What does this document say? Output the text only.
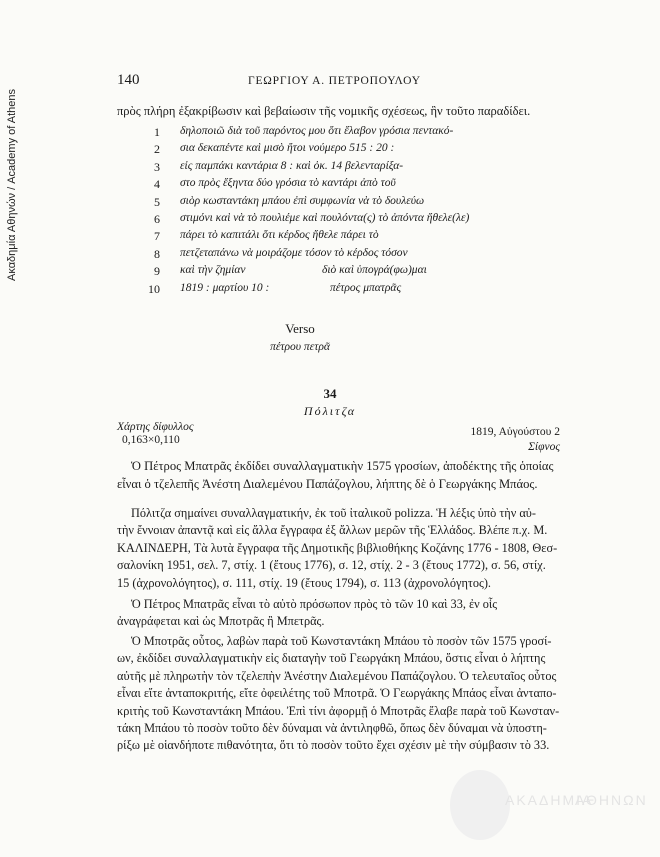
Ακαδημία Αθηνών / Academy of Athens
140	ΓΕΩΡΓΙΟΥ Α. ΠΕΤΡΟΠΟΥΛΟΥ
πρὸς πλήρη ἐξακρίβωσιν καὶ βεβαίωσιν τῆς νομικῆς σχέσεως, ἣν τοῦτο παραδίδει.
1 δηλοποιῶ διὰ τοῦ παρόντος μου ὅτι ἔλαβον γρόσια πεντακό-
2 σια δεκαπέντε καὶ μισὸ ἤτοι νούμερο 515 : 20 :
3 εἰς παμπάκι καντάρια 8 : καὶ ὀκ. 14 βελενταρίξα-
4 στο πρὸς ἔξηντα δύο γρόσια τὸ καντάρι ἀπὸ τοῦ
5 σιὸρ κωσταντάκη μπάου ἐπὶ συμφωνία νὰ τὸ δουλεύω
6 στιμόνι καὶ νὰ τὸ πουλιέμε καὶ πουλόντα(ς) τὸ ἀπόντα ἤθελε(λε)
7 πάρει τὸ καπιτάλι ὅτι κέρδος ἤθελε πάρει τὸ
8 πετζεταπάνω νὰ μοιράζομε τόσον τὸ κέρδος τόσον
9 καὶ τὴν ζημίαν	διὸ καὶ ὑπογρά(φω)μαι
10 1819 : μαρτίου 10 :	πέτρος μπατρᾶς
Verso
πέτρου πετρᾶ
34
Πόλιτζα
Χάρτης δίφυλλος
0,163×0,110
1819, Αὐγούστου 2
Σίφνος
Ὁ Πέτρος Μπατρᾶς ἐκδίδει συναλλαγματικὴν 1575 γροσίων, ἀποδέκτης τῆς ὁποίας
εἶναι ὁ τζελεπῆς Ἀνέστη Διαλεμένου Παπάζογλου, λήπτης δὲ ὁ Γεωργάκης Μπάος.
Πόλιτζα σημαίνει συναλλαγματικήν, ἐκ τοῦ ἰταλικοῦ polizza. Ἡ λέξις ὑπὸ τὴν αὐ-
τὴν ἔννοιαν ἀπαντᾷ καὶ εἰς ἄλλα ἔγγραφα ἐξ ἄλλων μερῶν τῆς Ἑλλάδος. Βλέπε π.χ. Μ.
ΚΑΛΙΝΔΕΡΗ, Τὰ λυτὰ ἔγγραφα τῆς Δημοτικῆς βιβλιοθήκης Κοζάνης 1776 - 1808, Θεσ-
σαλονίκη 1951, σελ. 7, στίχ. 1 (ἔτους 1776), σ. 12, στίχ. 2 - 3 (ἔτους 1772), σ. 56, στίχ.
15 (ἀχρονολόγητος), σ. 111, στίχ. 19 (ἔτους 1794), σ. 113 (ἀχρονολόγητος).
Ὁ Πέτρος Μπατρᾶς εἶναι τὸ αὐτὸ πρόσωπον πρὸς τὸ τῶν 10 καὶ 33, ἐν οἷς
ἀναγράφεται καὶ ὡς Μποτρᾶς ἢ Μπετρᾶς.
Ὁ Μποτρᾶς οὗτος, λαβὼν παρὰ τοῦ Κωνσταντάκη Μπάου τὸ ποσὸν τῶν 1575 γροσί-
ων, ἐκδίδει συναλλαγματικὴν εἰς διαταγὴν τοῦ Γεωργάκη Μπάου, ὅστις εἶναι ὁ λήπτης
αὐτῆς μὲ πληρωτὴν τὸν τζελεπὴν Ἀνέστην Διαλεμένου Παπάζογλου. Ὁ τελευταῖος οὗτος
εἶναι εἴτε ἀνταποκριτής, εἴτε ὀφειλέτης τοῦ Μποτρᾶ. Ὁ Γεωργάκης Μπάος εἶναι ἀνταπο-
κριτὴς τοῦ Κωνσταντάκη Μπάου. Ἐπὶ τίνι ἀφορμῇ ὁ Μποτρᾶς ἔλαβε παρὰ τοῦ Κωνσταν-
τάκη Μπάου τὸ ποσὸν τοῦτο δὲν δύναμαι νὰ ἀντιληφθῶ, ὅπως δὲν δύναμαι νὰ ὑποστη-
ρίξω μὲ οἱανδήποτε πιθανότητα, ὅτι τὸ ποσὸν τοῦτο ἔχει σχέσιν μὲ τὴν σύμβασιν τὸ 33.
ΑΚΑΔΗΜΙΑ
ΑΘΗΝΩΝ
